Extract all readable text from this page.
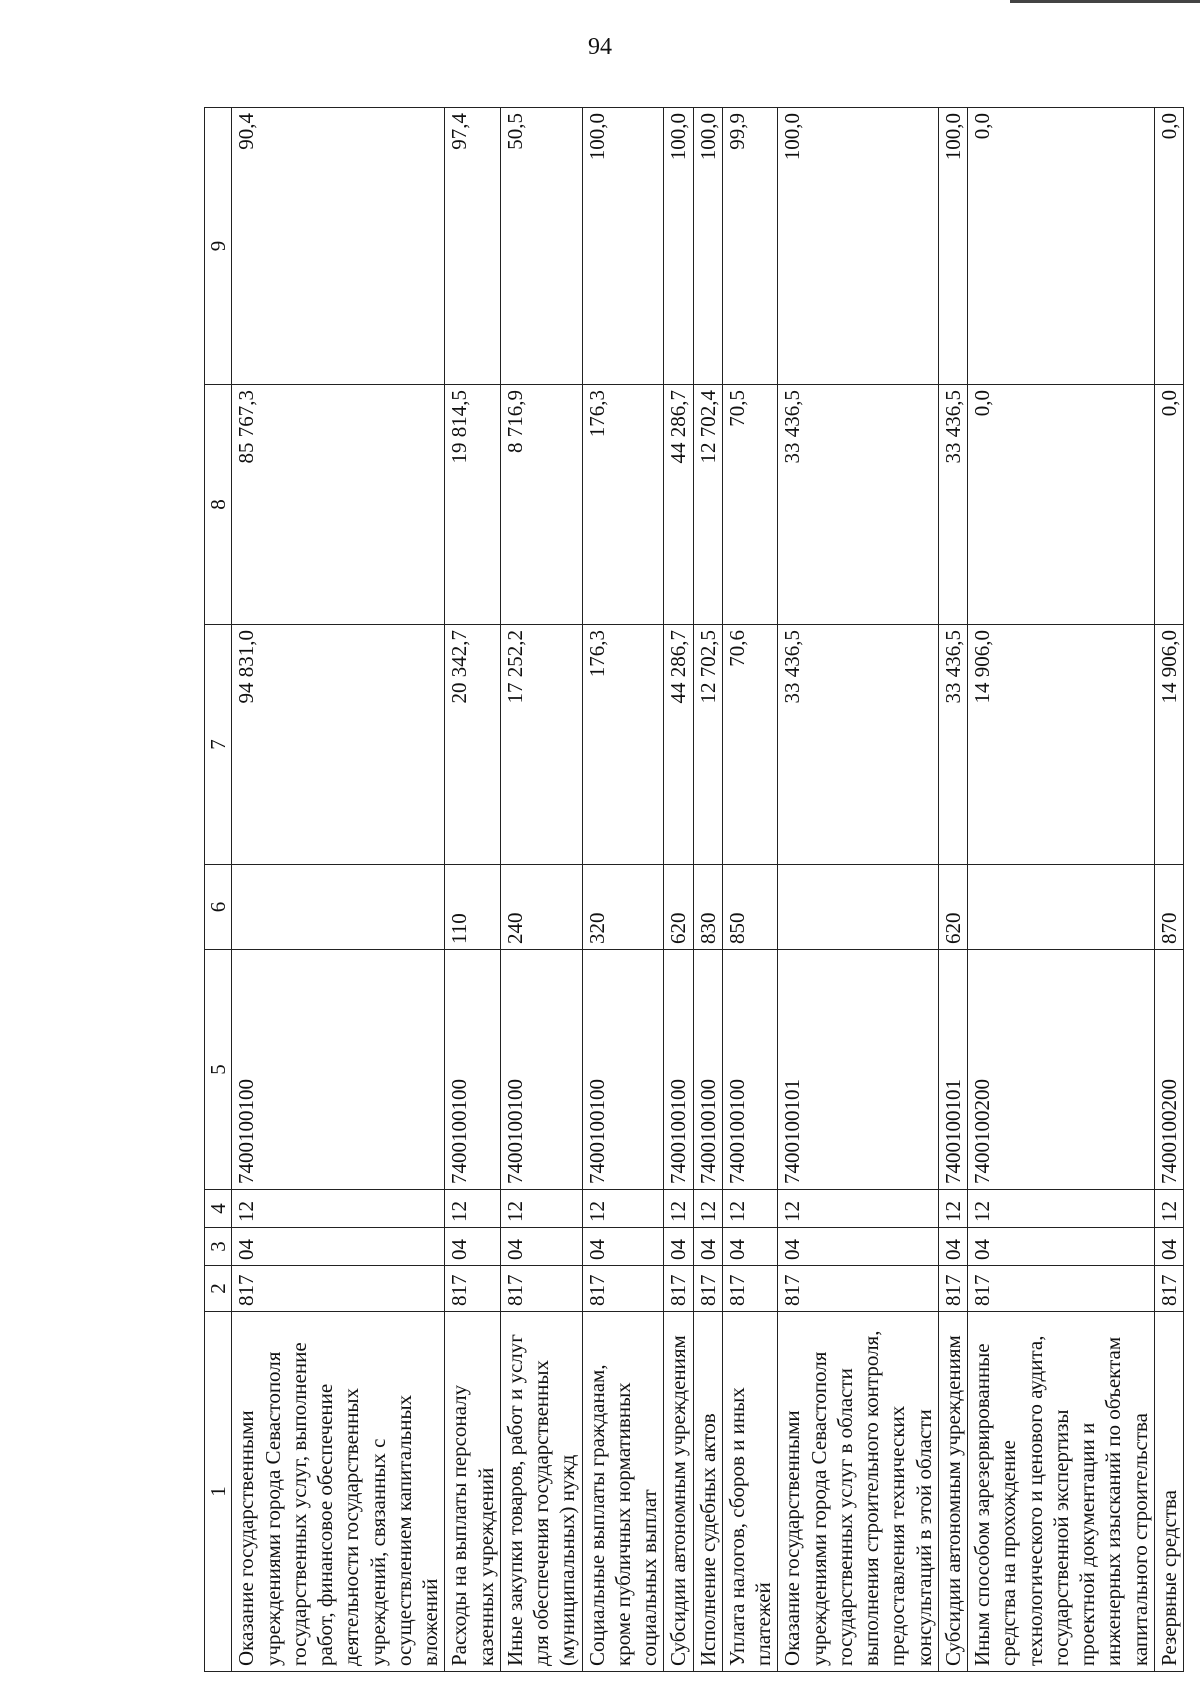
94
1	2	3	4	5	6	7	8	9
Оказание государственными учреждениями города Севастополя государственных услуг, выполнение работ, финансовое обеспечение деятельности государственных учреждений, связанных с осуществлением капитальных вложений	817	04	12	7400100100		94 831,0	85 767,3	90,4
Расходы на выплаты персоналу казенных учреждений	817	04	12	7400100100	110	20 342,7	19 814,5	97,4
Иные закупки товаров, работ и услуг для обеспечения государственных (муниципальных) нужд	817	04	12	7400100100	240	17 252,2	8 716,9	50,5
Социальные выплаты гражданам, кроме публичных нормативных социальных выплат	817	04	12	7400100100	320	176,3	176,3	100,0
Субсидии автономным учреждениям	817	04	12	7400100100	620	44 286,7	44 286,7	100,0
Исполнение судебных актов	817	04	12	7400100100	830	12 702,5	12 702,4	100,0
Уплата налогов, сборов и иных платежей	817	04	12	7400100100	850	70,6	70,5	99,9
Оказание государственными учреждениями города Севастополя государственных услуг в области выполнения строительного контроля, предоставления технических консультаций в этой области	817	04	12	7400100101		33 436,5	33 436,5	100,0
Субсидии автономным учреждениям	817	04	12	7400100101	620	33 436,5	33 436,5	100,0
Иным способом зарезервированные средства на прохождение технологического и ценового аудита, государственной экспертизы проектной документации и инженерных изысканий по объектам капитального строительства	817	04	12	7400100200		14 906,0	0,0	0,0
Резервные средства	817	04	12	7400100200	870	14 906,0	0,0	0,0
